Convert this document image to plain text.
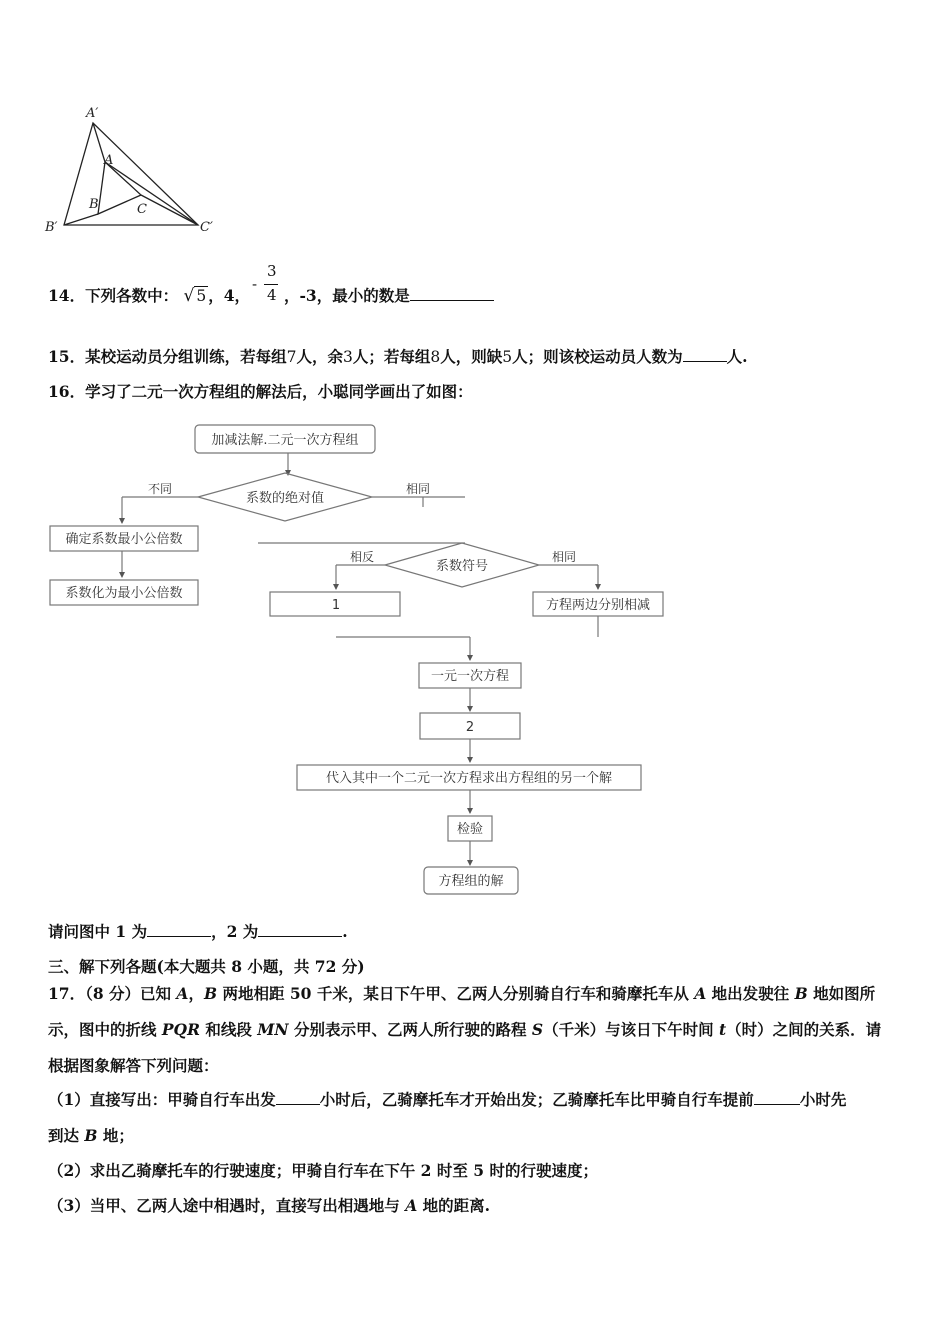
A′
A
B	C
B′	C′
14．下列各数中： √ 5 ，4，
-
3
4 ，-3，最小的数是
15．某校运动员分组训练，若每组7人，余3人；若每组8人，则缺5人；则该校运动员人数为	人.
16．学习了二元一次方程组的解法后，小聪同学画出了如图：
加减法解.二元一次方程组
系数的绝对值
不同	相同
确定系数最小公倍数
系数化为最小公倍数
系数符号
相反	相同
1	方程两边分别相减
一元一次方程
2
代入其中一个二元一次方程求出方程组的另一个解
检验
方程组的解
请问图中 1 为	，2 为	.
三、解下列各题(本大题共 8 小题，共 72 分)
17．（8 分）已知 A，B 两地相距 50 千米，某日下午甲、乙两人分别骑自行车和骑摩托车从 A 地出发驶往 B 地如图所
示，图中的折线 PQR 和线段 MN 分别表示甲、乙两人所行驶的路程 S（千米）与该日下午时间 t（时）之间的关系．请
根据图象解答下列问题：
（1）直接写出：甲骑自行车出发	小时后，乙骑摩托车才开始出发；乙骑摩托车比甲骑自行车提前	小时先
到达 B 地；
（2）求出乙骑摩托车的行驶速度；甲骑自行车在下午 2 时至 5 时的行驶速度；
（3）当甲、乙两人途中相遇时，直接写出相遇地与 A 地的距离.
